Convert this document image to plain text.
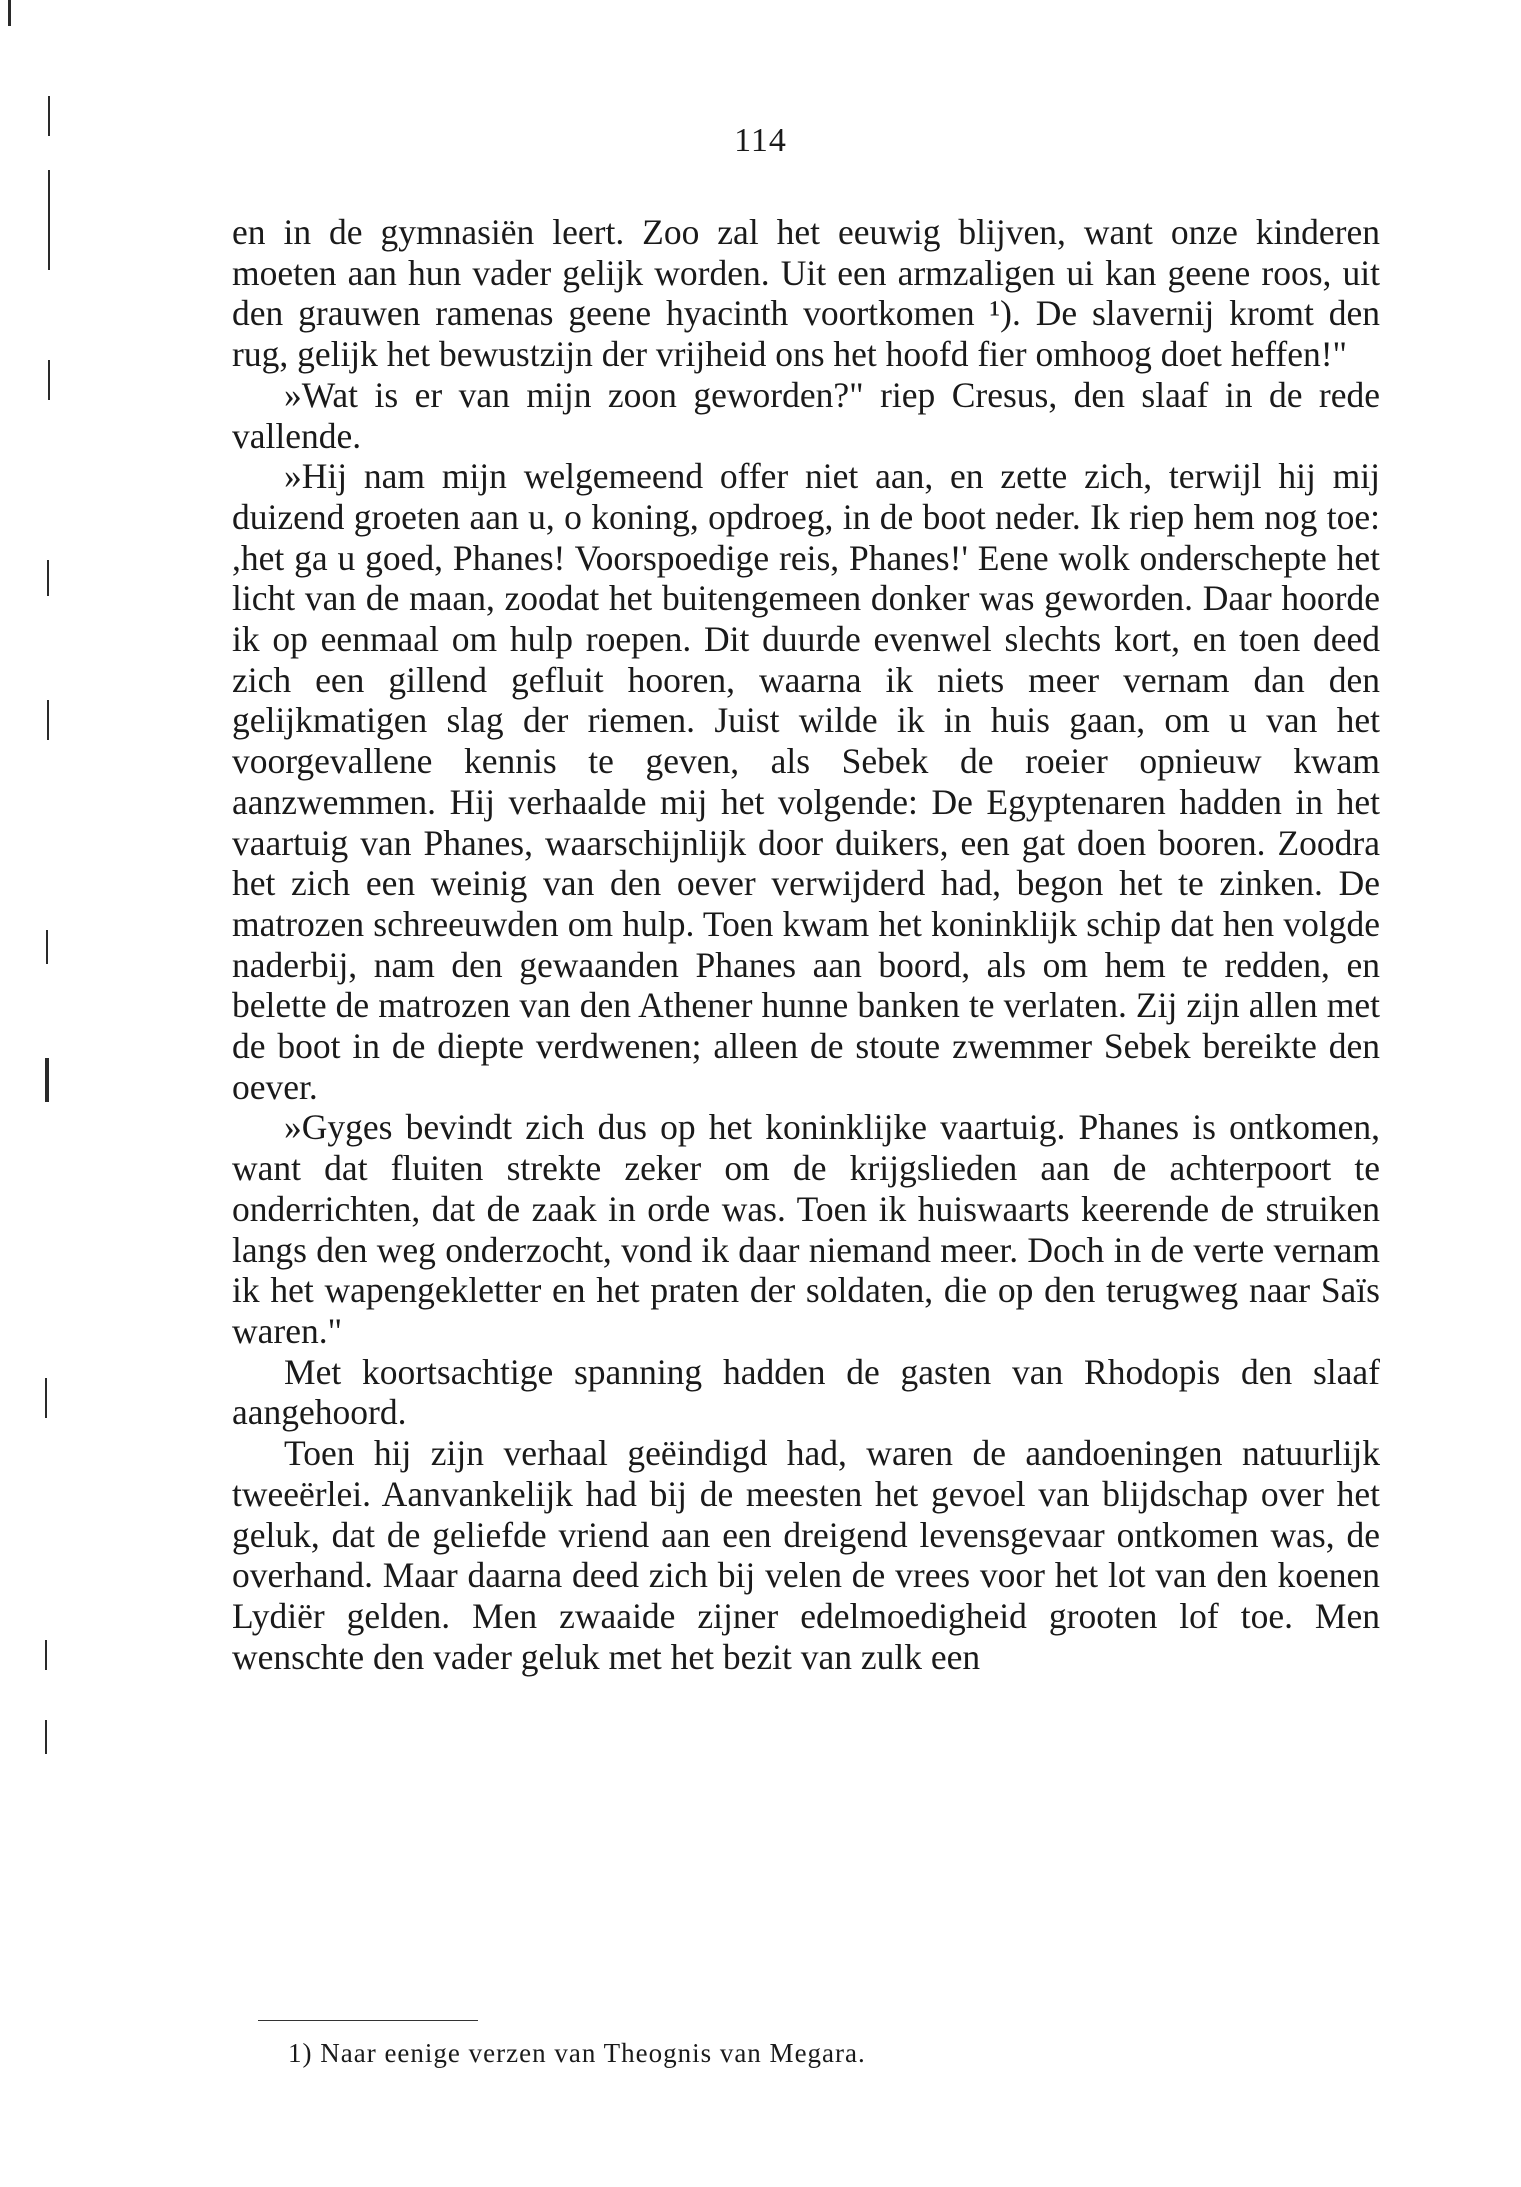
114

en in de gymnasiën leert. Zoo zal het eeuwig blijven, want onze kinderen moeten aan hun vader gelijk worden. Uit een armzaligen ui kan geene roos, uit den grauwen ramenas geene hyacinth voortkomen ¹). De slavernij kromt den rug, gelijk het bewustzijn der vrijheid ons het hoofd fier omhoog doet heffen!"

»Wat is er van mijn zoon geworden?" riep Cresus, den slaaf in de rede vallende.

»Hij nam mijn welgemeend offer niet aan, en zette zich, terwijl hij mij duizend groeten aan u, o koning, opdroeg, in de boot neder. Ik riep hem nog toe: ,het ga u goed, Phanes! Voorspoedige reis, Phanes!' Eene wolk onderschepte het licht van de maan, zoodat het buitengemeen donker was geworden. Daar hoorde ik op eenmaal om hulp roepen. Dit duurde evenwel slechts kort, en toen deed zich een gillend gefluit hooren, waarna ik niets meer vernam dan den gelijkmatigen slag der riemen. Juist wilde ik in huis gaan, om u van het voorgevallene kennis te geven, als Sebek de roeier opnieuw kwam aanzwemmen. Hij verhaalde mij het volgende: De Egyptenaren hadden in het vaartuig van Phanes, waarschijnlijk door duikers, een gat doen booren. Zoodra het zich een weinig van den oever verwijderd had, begon het te zinken. De matrozen schreeuwden om hulp. Toen kwam het koninklijk schip dat hen volgde naderbij, nam den gewaanden Phanes aan boord, als om hem te redden, en belette de matrozen van den Athener hunne banken te verlaten. Zij zijn allen met de boot in de diepte verdwenen; alleen de stoute zwemmer Sebek bereikte den oever.

»Gyges bevindt zich dus op het koninklijke vaartuig. Phanes is ontkomen, want dat fluiten strekte zeker om de krijgslieden aan de achterpoort te onderrichten, dat de zaak in orde was. Toen ik huiswaarts keerende de struiken langs den weg onderzocht, vond ik daar niemand meer. Doch in de verte vernam ik het wapengekletter en het praten der soldaten, die op den terugweg naar Saïs waren."

Met koortsachtige spanning hadden de gasten van Rhodopis den slaaf aangehoord.

Toen hij zijn verhaal geëindigd had, waren de aandoeningen natuurlijk tweeërlei. Aanvankelijk had bij de meesten het gevoel van blijdschap over het geluk, dat de geliefde vriend aan een dreigend levensgevaar ontkomen was, de overhand. Maar daarna deed zich bij velen de vrees voor het lot van den koenen Lydiër gelden. Men zwaaide zijner edelmoedigheid grooten lof toe. Men wenschte den vader geluk met het bezit van zulk een

1) Naar eenige verzen van Theognis van Megara.
